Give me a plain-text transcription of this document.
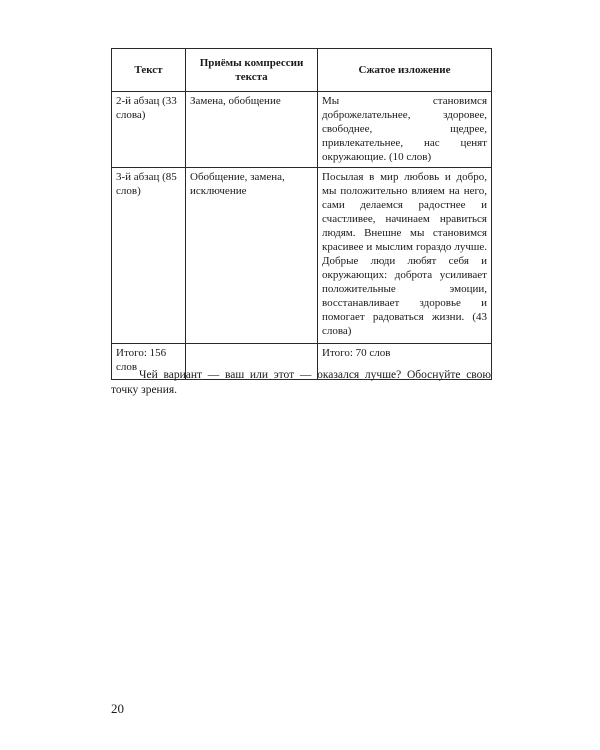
Текст	Приёмы компрессии текста	Сжатое изложение
2-й абзац (33 слова)	Замена, обобщение	Мы становимся доброжелательнее, здоровее, свободнее, щедрее, привлекательнее, нас ценят окружающие. (10 слов)
3-й абзац (85 слов)	Обобщение, замена, исключение	Посылая в мир любовь и добро, мы положительно влияем на него, сами делаемся радостнее и счастливее, начинаем нравиться людям. Внешне мы становимся красивее и мыслим гораздо лучше. Добрые люди любят себя и окружающих: доброта усиливает положительные эмоции, восстанавливает здоровье и помогает радоваться жизни. (43 слова)
Итого: 156 слов		Итого: 70 слов

Чей вариант — ваш или этот — оказался лучше? Обоснуйте свою точку зрения.

20
